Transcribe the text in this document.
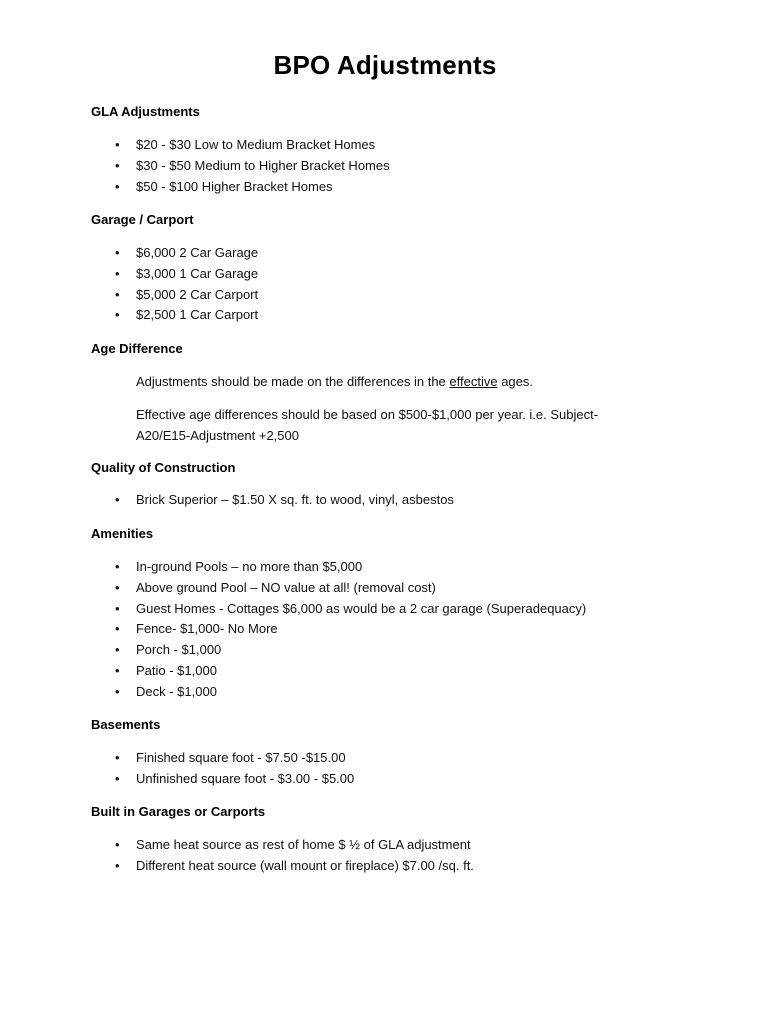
BPO Adjustments
GLA Adjustments
• $20 - $30 Low to Medium Bracket Homes
• $30 - $50 Medium to Higher Bracket Homes
• $50 - $100 Higher Bracket Homes
Garage / Carport
• $6,000 2 Car Garage
• $3,000 1 Car Garage
• $5,000 2 Car Carport
• $2,500 1 Car Carport
Age Difference
Adjustments should be made on the differences in the effective ages.
Effective age differences should be based on $500-$1,000 per year. i.e. Subject-A20/E15-Adjustment +2,500
Quality of Construction
• Brick Superior – $1.50 X sq. ft. to wood, vinyl, asbestos
Amenities
• In-ground Pools – no more than $5,000
• Above ground Pool – NO value at all! (removal cost)
• Guest Homes - Cottages $6,000 as would be a 2 car garage (Superadequacy)
• Fence- $1,000- No More
• Porch - $1,000
• Patio - $1,000
• Deck - $1,000
Basements
• Finished square foot - $7.50 -$15.00
• Unfinished square foot - $3.00 - $5.00
Built in Garages or Carports
• Same heat source as rest of home $ ½ of GLA adjustment
• Different heat source (wall mount or fireplace) $7.00 /sq. ft.
